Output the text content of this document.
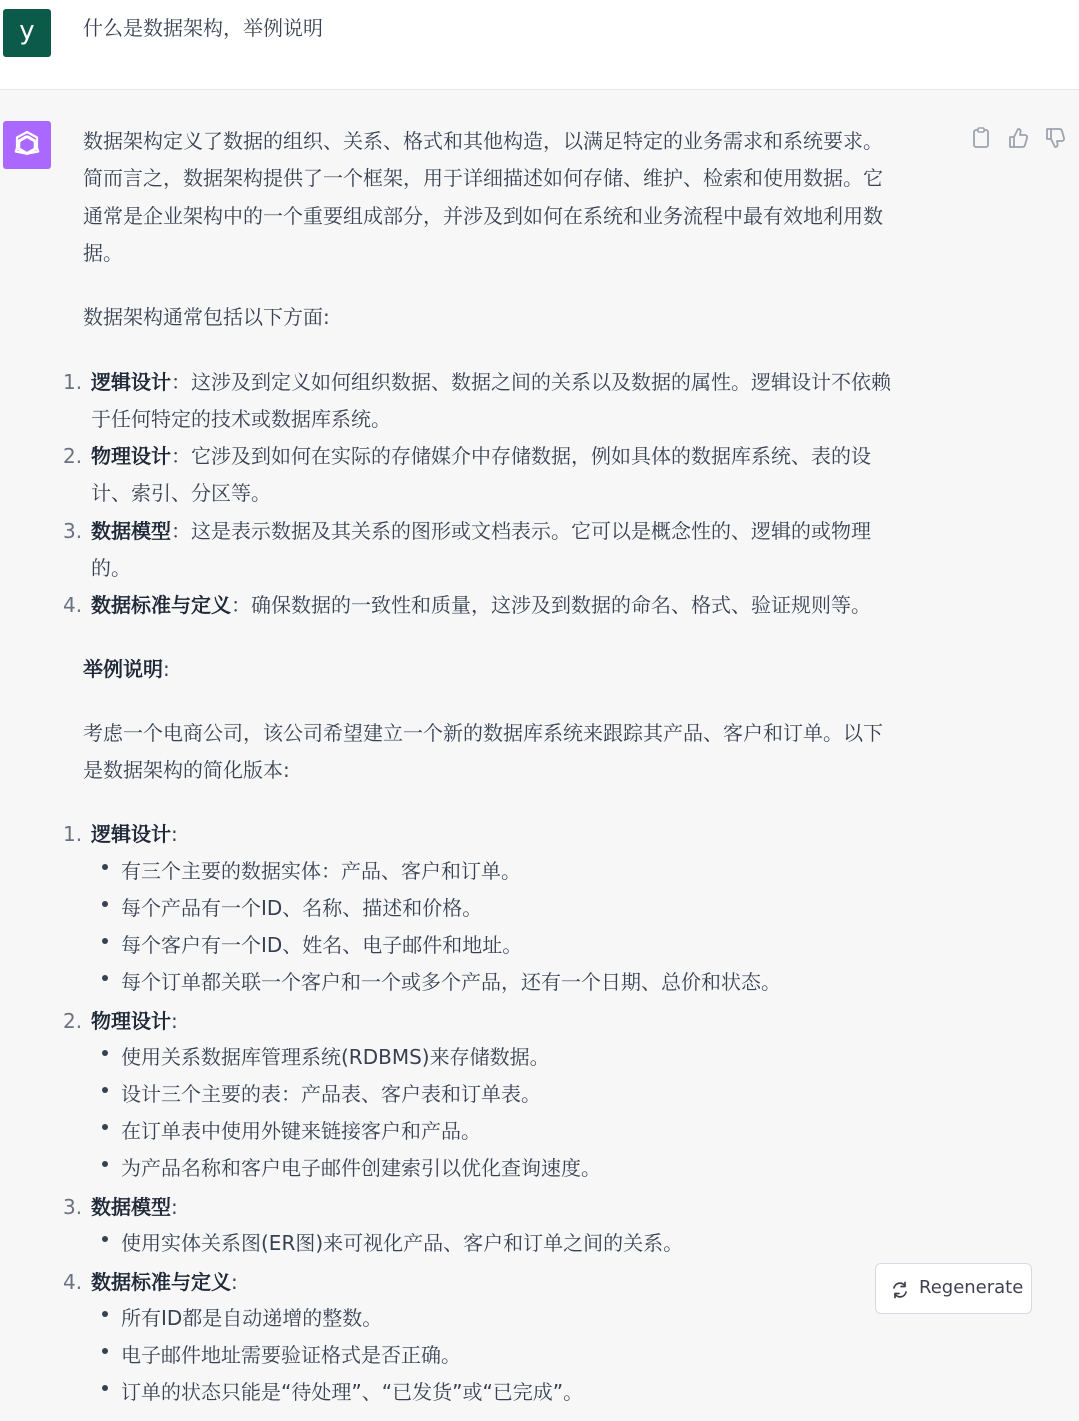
y	什么是数据架构，举例说明
数据架构定义了数据的组织、关系、格式和其他构造，以满足特定的业务需求和系统要求。
简而言之，数据架构提供了一个框架，用于详细描述如何存储、维护、检索和使用数据。它
通常是企业架构中的一个重要组成部分，并涉及到如何在系统和业务流程中最有效地利用数
据。
数据架构通常包括以下方面:
1. 逻辑设计：这涉及到定义如何组织数据、数据之间的关系以及数据的属性。逻辑设计不依赖
于任何特定的技术或数据库系统。
2. 物理设计：它涉及到如何在实际的存储媒介中存储数据，例如具体的数据库系统、表的设
计、索引、分区等。
3. 数据模型：这是表示数据及其关系的图形或文档表示。它可以是概念性的、逻辑的或物理
的。
4. 数据标准与定义：确保数据的一致性和质量，这涉及到数据的命名、格式、验证规则等。
举例说明:
考虑一个电商公司，该公司希望建立一个新的数据库系统来跟踪其产品、客户和订单。以下
是数据架构的简化版本:
1. 逻辑设计:
有三个主要的数据实体：产品、客户和订单。
每个产品有一个ID、名称、描述和价格。
每个客户有一个ID、姓名、电子邮件和地址。
每个订单都关联一个客户和一个或多个产品，还有一个日期、总价和状态。
2. 物理设计:
使用关系数据库管理系统(RDBMS)来存储数据。
设计三个主要的表：产品表、客户表和订单表。
在订单表中使用外键来链接客户和产品。
为产品名称和客户电子邮件创建索引以优化查询速度。
3. 数据模型:
使用实体关系图(ER图)来可视化产品、客户和订单之间的关系。
4. 数据标准与定义:
所有ID都是自动递增的整数。
电子邮件地址需要验证格式是否正确。
订单的状态只能是“待处理”、“已发货”或“已完成”。
Regenerate
